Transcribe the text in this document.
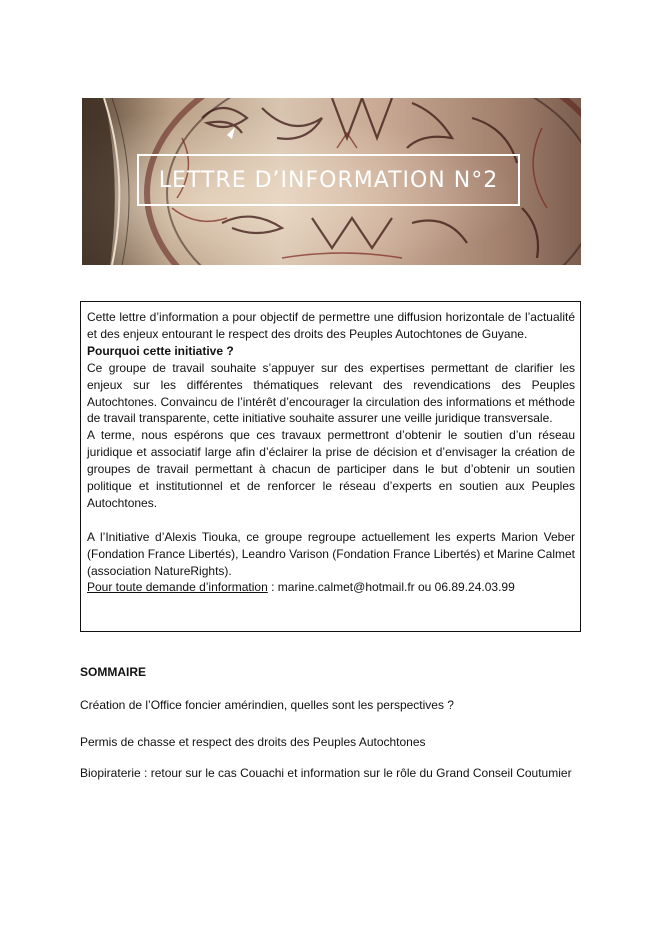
LETTRE D’INFORMATION N°2

Cette lettre d’information a pour objectif de permettre une diffusion horizontale de l’actualité et des enjeux entourant le respect des droits des Peuples Autochtones de Guyane.

Pourquoi cette initiative ?

Ce groupe de travail souhaite s’appuyer sur des expertises permettant de clarifier les enjeux sur les différentes thématiques relevant des revendications des Peuples Autochtones. Convaincu de l’intérêt d’encourager la circulation des informations et méthode de travail transparente, cette initiative souhaite assurer une veille juridique transversale.

A terme, nous espérons que ces travaux permettront d’obtenir le soutien d’un réseau juridique et associatif large afin d’éclairer la prise de décision et d’envisager la création de groupes de travail permettant à chacun de participer dans le but d’obtenir un soutien politique et institutionnel et de renforcer le réseau d’experts en soutien aux Peuples Autochtones.

A l’Initiative d’Alexis Tiouka, ce groupe regroupe actuellement les experts Marion Veber (Fondation France Libertés), Leandro Varison (Fondation France Libertés) et Marine Calmet (association NatureRights).

Pour toute demande d’information : marine.calmet@hotmail.fr ou 06.89.24.03.99

SOMMAIRE
Création de l’Office foncier amérindien, quelles sont les perspectives ?
Permis de chasse et respect des droits des Peuples Autochtones
Biopiraterie : retour sur le cas Couachi et information sur le rôle du Grand Conseil Coutumier
